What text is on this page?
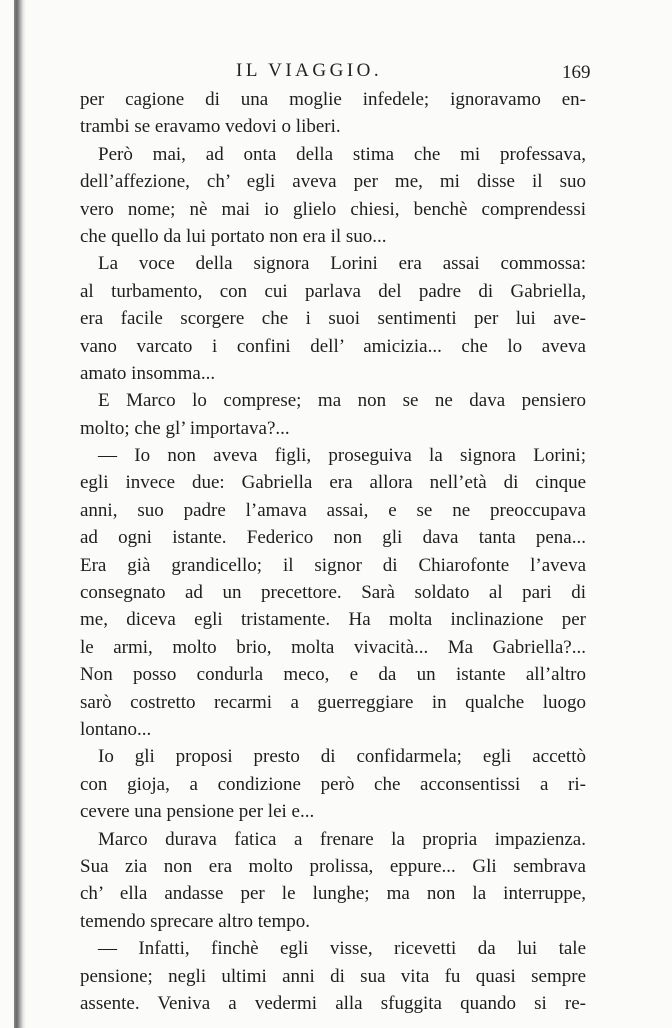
IL VIAGGIO.	169
per cagione di una moglie infedele; ignoravamo en-
trambi se eravamo vedovi o liberi.
Però mai, ad onta della stima che mi professava,
dell’affezione, ch’ egli aveva per me, mi disse il suo
vero nome; nè mai io glielo chiesi, benchè comprendessi
che quello da lui portato non era il suo...
La voce della signora Lorini era assai commossa:
al turbamento, con cui parlava del padre di Gabriella,
era facile scorgere che i suoi sentimenti per lui ave-
vano varcato i confini dell’ amicizia... che lo aveva
amato insomma...
E Marco lo comprese; ma non se ne dava pensiero
molto; che gl’ importava?...
— Io non aveva figli, proseguiva la signora Lorini;
egli invece due: Gabriella era allora nell’età di cinque
anni, suo padre l’amava assai, e se ne preoccupava
ad ogni istante. Federico non gli dava tanta pena...
Era già grandicello; il signor di Chiarofonte l’aveva
consegnato ad un precettore. Sarà soldato al pari di
me, diceva egli tristamente. Ha molta inclinazione per
le armi, molto brio, molta vivacità... Ma Gabriella?...
Non posso condurla meco, e da un istante all’altro
sarò costretto recarmi a guerreggiare in qualche luogo
lontano...
Io gli proposi presto di confidarmela; egli accettò
con gioja, a condizione però che acconsentissi a ri-
cevere una pensione per lei e...
Marco durava fatica a frenare la propria impazienza.
Sua zia non era molto prolissa, eppure... Gli sembrava
ch’ ella andasse per le lunghe; ma non la interruppe,
temendo sprecare altro tempo.
— Infatti, finchè egli visse, ricevetti da lui tale
pensione; negli ultimi anni di sua vita fu quasi sempre
assente. Veniva a vedermi alla sfuggita quando si re-
